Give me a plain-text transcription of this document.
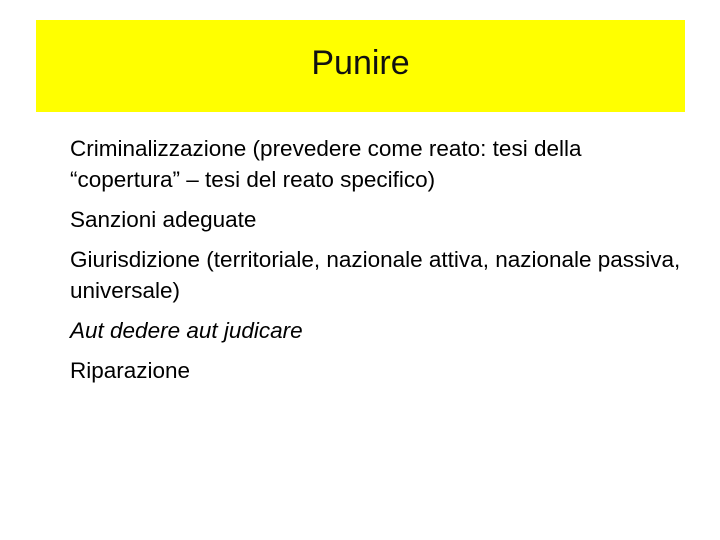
Punire
Criminalizzazione (prevedere come reato: tesi della “copertura” – tesi del reato specifico)
Sanzioni adeguate
Giurisdizione (territoriale, nazionale attiva, nazionale passiva,
universale)
Aut dedere aut judicare
Riparazione
